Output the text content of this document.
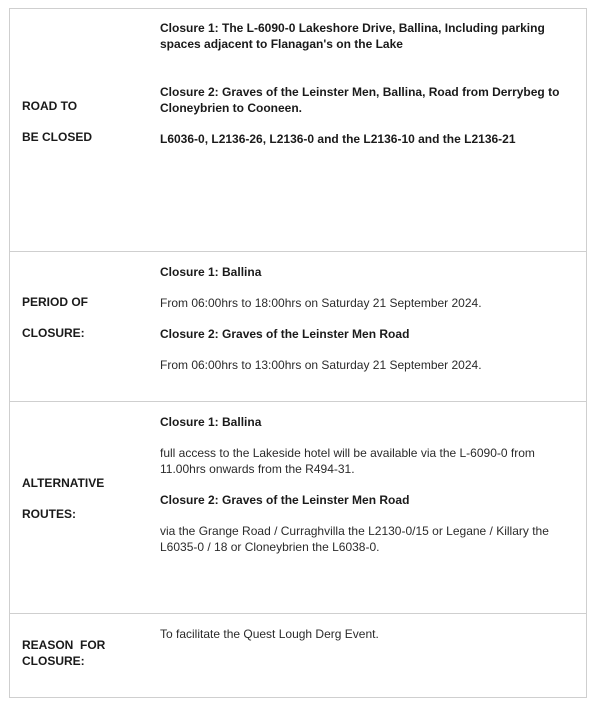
ROAD TO
BE CLOSED

Closure 1: The L-6090-0 Lakeshore Drive, Ballina, Including parking spaces adjacent to Flanagan's on the Lake

Closure 2: Graves of the Leinster Men, Ballina, Road from Derrybeg to Cloneybrien to Cooneen.

L6036-0, L2136-26, L2136-0 and the L2136-10 and the L2136-21

PERIOD OF
CLOSURE:

Closure 1: Ballina

From 06:00hrs to 18:00hrs on Saturday 21 September 2024.

Closure 2: Graves of the Leinster Men Road

From 06:00hrs to 13:00hrs on Saturday 21 September 2024.

ALTERNATIVE
ROUTES:

Closure 1: Ballina

full access to the Lakeside hotel will be available via the L-6090-0 from 11.00hrs onwards from the R494-31.

Closure 2: Graves of the Leinster Men Road

via the Grange Road / Curraghvilla the L2130-0/15 or Legane / Killary the L6035-0 / 18 or Cloneybrien the L6038-0.

REASON  FOR
CLOSURE:

To facilitate the Quest Lough Derg Event.
